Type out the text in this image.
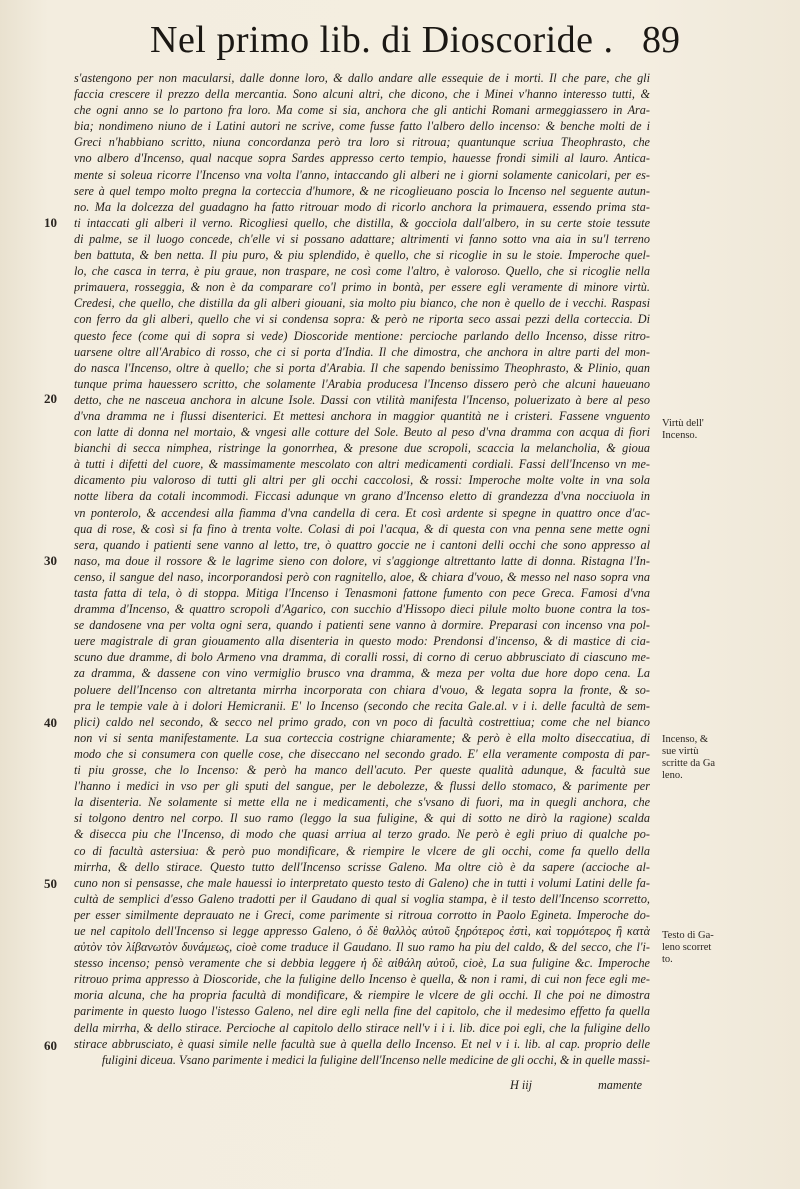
Nel primo lib. di Dioscoride . 89
10
20
30
40
50
60
s'astengono per non macularsi, dalle donne loro, & dallo andare alle essequie de i morti. Il che pare, che gli
faccia crescere il prezzo della mercantia. Sono alcuni altri, che dicono, che i Minei v'hanno interesso tutti, &
che ogni anno se lo partono fra loro. Ma come si sia, anchora che gli antichi Romani armeggiassero in Ara-
bia; nondimeno niuno de i Latini autori ne scrive, come fusse fatto l'albero dello incenso: & benche molti de i
Greci n'habbiano scritto, niuna concordanza però tra loro si ritroua; quantunque scriua Theophrasto, che
vno albero d'Incenso, qual nacque sopra Sardes appresso certo tempio, hauesse frondi simili al lauro. Antica-
mente si soleua ricorre l'Incenso vna volta l'anno, intaccando gli alberi ne i giorni solamente canicolari, per es-
sere à quel tempo molto pregna la corteccia d'humore, & ne ricoglieuano poscia lo Incenso nel seguente autun-
no. Ma la dolcezza del guadagno ha fatto ritrouar modo di ricorlo anchora la primauera, essendo prima sta-
ti intaccati gli alberi il verno. Ricogliesi quello, che distilla, & gocciola dall'albero, in su certe stoie tessute
di palme, se il luogo concede, ch'elle vi si possano adattare; altrimenti vi fanno sotto vna aia in su'l terreno
ben battuta, & ben netta. Il piu puro, & piu splendido, è quello, che si ricoglie in su le stoie. Imperoche quel-
lo, che casca in terra, è piu graue, non traspare, ne così come l'altro, è valoroso. Quello, che si ricoglie nella
primauera, rosseggia, & non è da comparare co'l primo in bontà, per essere egli veramente di minore virtù.
Credesi, che quello, che distilla da gli alberi giouani, sia molto piu bianco, che non è quello de i vecchi. Raspasi
con ferro da gli alberi, quello che vi si condensa sopra: & però ne riporta seco assai pezzi della corteccia. Di
questo fece (come qui di sopra si vede) Dioscoride mentione: percioche parlando dello Incenso, disse ritro-
uarsene oltre all'Arabico di rosso, che ci si porta d'India. Il che dimostra, che anchora in altre parti del mon-
do nasca l'Incenso, oltre à quello; che si porta d'Arabia. Il che sapendo benissimo Theophrasto, & Plinio, quan
tunque prima hauessero scritto, che solamente l'Arabia producesa l'Incenso dissero però che alcuni haueuano
detto, che ne nasceua anchora in alcune Isole. Dassi con vtilità manifesta l'Incenso, poluerizato à bere al peso
d'vna dramma ne i flussi disenterici. Et mettesi anchora in maggior quantità ne i cristeri. Fassene vnguento
con latte di donna nel mortaio, & vngesi alle cotture del Sole. Beuto al peso d'vna dramma con acqua di fiori
bianchi di secca nimphea, ristringe la gonorrhea, & presone due scropoli, scaccia la melancholia, & gioua
à tutti i difetti del cuore, & massimamente mescolato con altri medicamenti cordiali. Fassi dell'Incenso vn me-
dicamento piu valoroso di tutti gli altri per gli occhi caccolosi, & rossi: Imperoche molte volte in vna sola
notte libera da cotali incommodi. Ficcasi adunque vn grano d'Incenso eletto di grandezza d'vna nocciuola in
vn ponterolo, & accendesi alla fiamma d'vna candella di cera. Et così ardente si spegne in quattro once d'ac-
qua di rose, & così si fa fino à trenta volte. Colasi di poi l'acqua, & di questa con vna penna sene mette ogni
sera, quando i patienti sene vanno al letto, tre, ò quattro goccie ne i cantoni delli occhi che sono appresso al
naso, ma doue il rossore & le lagrime sieno con dolore, vi s'aggionge altrettanto latte di donna. Ristagna l'In-
censo, il sangue del naso, incorporandosi però con ragnitello, aloe, & chiara d'vouo, & messo nel naso sopra vna
tasta fatta di tela, ò di stoppa. Mitiga l'Incenso i Tenasmoni fattone fumento con pece Greca. Famosi d'vna
dramma d'Incenso, & quattro scropoli d'Agarico, con succhio d'Hissopo dieci pilule molto buone contra la tos-
se dandosene vna per volta ogni sera, quando i patienti sene vanno à dormire. Preparasi con incenso vna pol-
uere magistrale di gran giouamento alla disenteria in questo modo: Prendonsi d'incenso, & di mastice di cia-
scuno due dramme, di bolo Armeno vna dramma, di coralli rossi, di corno di ceruo abbrusciato di ciascuno me-
za dramma, & dassene con vino vermiglio brusco vna dramma, & meza per volta due hore dopo cena. La
poluere dell'Incenso con altretanta mirrha incorporata con chiara d'vouo, & legata sopra la fronte, & so-
pra le tempie vale à i dolori Hemicranii. E' lo Incenso (secondo che recita Gale.al. v i i. delle facultà de sem-
plici) caldo nel secondo, & secco nel primo grado, con vn poco di facultà costrettiua; come che nel bianco
non vi si senta manifestamente. La sua corteccia costrigne chiaramente; & però è ella molto diseccatiua, di
modo che si consumera con quelle cose, che diseccano nel secondo grado. E' ella veramente composta di par-
ti piu grosse, che lo Incenso: & però ha manco dell'acuto. Per queste qualità adunque, & facultà sue
l'hanno i medici in vso per gli sputi del sangue, per le debolezze, & flussi dello stomaco, & parimente per
la disenteria. Ne solamente si mette ella ne i medicamenti, che s'vsano di fuori, ma in quegli anchora, che
si tolgono dentro nel corpo. Il suo ramo (leggo la sua fuligine, & qui di sotto ne dirò la ragione) scalda
& disecca piu che l'Incenso, di modo che quasi arriua al terzo grado. Ne però è egli priuo di qualche po-
co di facultà astersiua: & però puo mondificare, & riempire le vlcere de gli occhi, come fa quello della
mirrha, & dello stirace. Questo tutto dell'Incenso scrisse Galeno. Ma oltre ciò è da sapere (accioche al-
cuno non si pensasse, che male hauessi io interpretato questo testo di Galeno) che in tutti i volumi Latini delle fa-
cultà de semplici d'esso Galeno tradotti per il Gaudano di qual si voglia stampa, è il testo dell'Incenso scorretto,
per esser similmente deprauato ne i Greci, come parimente si ritroua corrotto in Paolo Egineta. Imperoche do-
ue nel capitolo dell'Incenso si legge appresso Galeno, ὁ δὲ θαλλὸς αὐτοῦ ξηρότερος ἐστὶ, καὶ τορμότερος ἢ κατὰ
αὐτὸν τὸν λίβανωτὸν δυνάμεως, cioè come traduce il Gaudano. Il suo ramo ha piu del caldo, & del secco, che l'i-
stesso incenso; pensò veramente che si debbia leggere ἡ δὲ αἰθάλη αὐτοῦ, cioè, La sua fuligine &c. Imperoche
ritrouo prima appresso à Dioscoride, che la fuligine dello Incenso è quella, & non i rami, di cui non fece egli me-
moria alcuna, che ha propria facultà di mondificare, & riempire le vlcere de gli occhi. Il che poi ne dimostra
parimente in questo luogo l'istesso Galeno, nel dire egli nella fine del capitolo, che il medesimo effetto fa quella
della mirrha, & dello stirace. Percioche al capitolo dello stirace nell'v i i i. lib. dice poi egli, che la fuligine dello
stirace abbrusciato, è quasi simile nelle facultà sue à quella dello Incenso. Et nel v i i. lib. al cap. proprio delle
fuligini diceua. Vsano parimente i medici la fuligine dell'Incenso nelle medicine de gli occhi, & in quelle massi-
Virtù dell'
Incenso.
Incenso, &
sue virtù
scritte da Ga
leno.
Testo di Ga-
leno scorret
to.
H iij	mamente
